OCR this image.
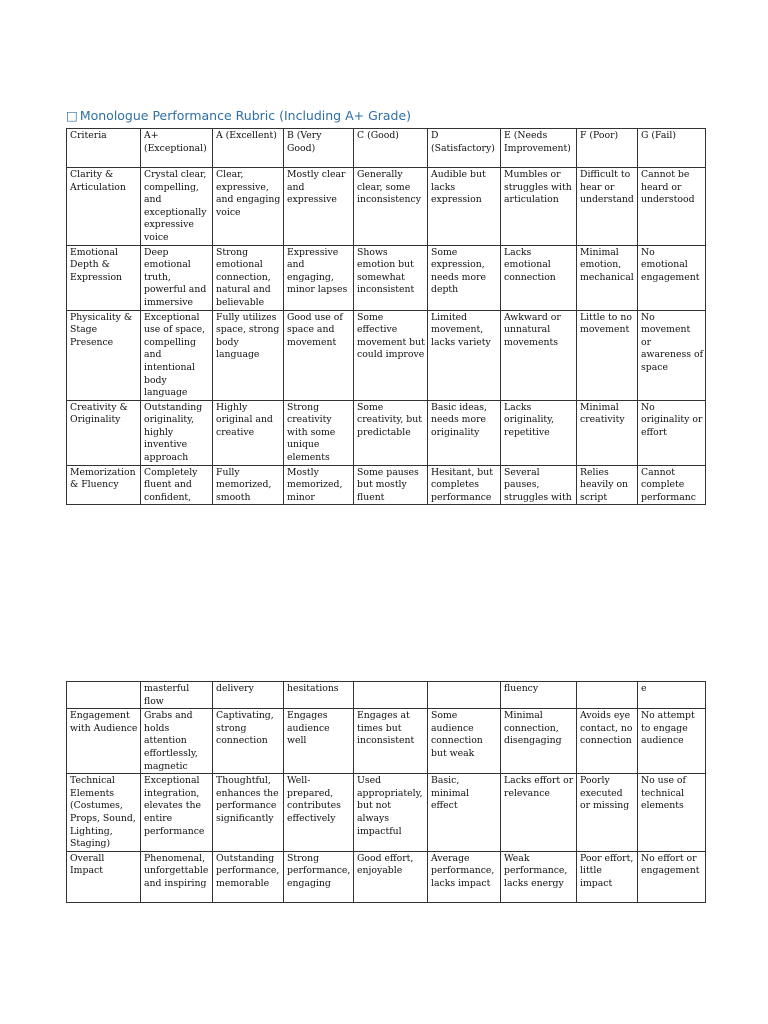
□ Monologue Performance Rubric (Including A+ Grade)
Criteria	A+ (Exceptional)	A (Excellent)	B (Very Good)	C (Good)	D (Satisfactory)	E (Needs Improvement)	F (Poor)	G (Fail)
Clarity & Articulation	Crystal clear, compelling, and exceptionally expressive voice	Clear, expressive, and engaging voice	Mostly clear and expressive	Generally clear, some inconsistency	Audible but lacks expression	Mumbles or struggles with articulation	Difficult to hear or understand	Cannot be heard or understood
Emotional Depth & Expression	Deep emotional truth, powerful and immersive	Strong emotional connection, natural and believable	Expressive and engaging, minor lapses	Shows emotion but somewhat inconsistent	Some expression, needs more depth	Lacks emotional connection	Minimal emotion, mechanical	No emotional engagement
Physicality & Stage Presence	Exceptional use of space, compelling and intentional body language	Fully utilizes space, strong body language	Good use of space and movement	Some effective movement but could improve	Limited movement, lacks variety	Awkward or unnatural movements	Little to no movement	No movement or awareness of space
Creativity & Originality	Outstanding originality, highly inventive approach	Highly original and creative	Strong creativity with some unique elements	Some creativity, but predictable	Basic ideas, needs more originality	Lacks originality, repetitive	Minimal creativity	No originality or effort
Memorization & Fluency	Completely fluent and confident,	Fully memorized, smooth	Mostly memorized, minor	Some pauses but mostly fluent	Hesitant, but completes performance	Several pauses, struggles with	Relies heavily on script	Cannot complete performanc
	masterful flow	delivery	hesitations			fluency		e
Engagement with Audience	Grabs and holds attention effortlessly, magnetic	Captivating, strong connection	Engages audience well	Engages at times but inconsistent	Some audience connection but weak	Minimal connection, disengaging	Avoids eye contact, no connection	No attempt to engage audience
Technical Elements (Costumes, Props, Sound, Lighting, Staging)	Exceptional integration, elevates the entire performance	Thoughtful, enhances the performance significantly	Well-prepared, contributes effectively	Used appropriately, but not always impactful	Basic, minimal effect	Lacks effort or relevance	Poorly executed or missing	No use of technical elements
Overall Impact	Phenomenal, unforgettable and inspiring	Outstanding performance, memorable	Strong performance, engaging	Good effort, enjoyable	Average performance, lacks impact	Weak performance, lacks energy	Poor effort, little impact	No effort or engagement
